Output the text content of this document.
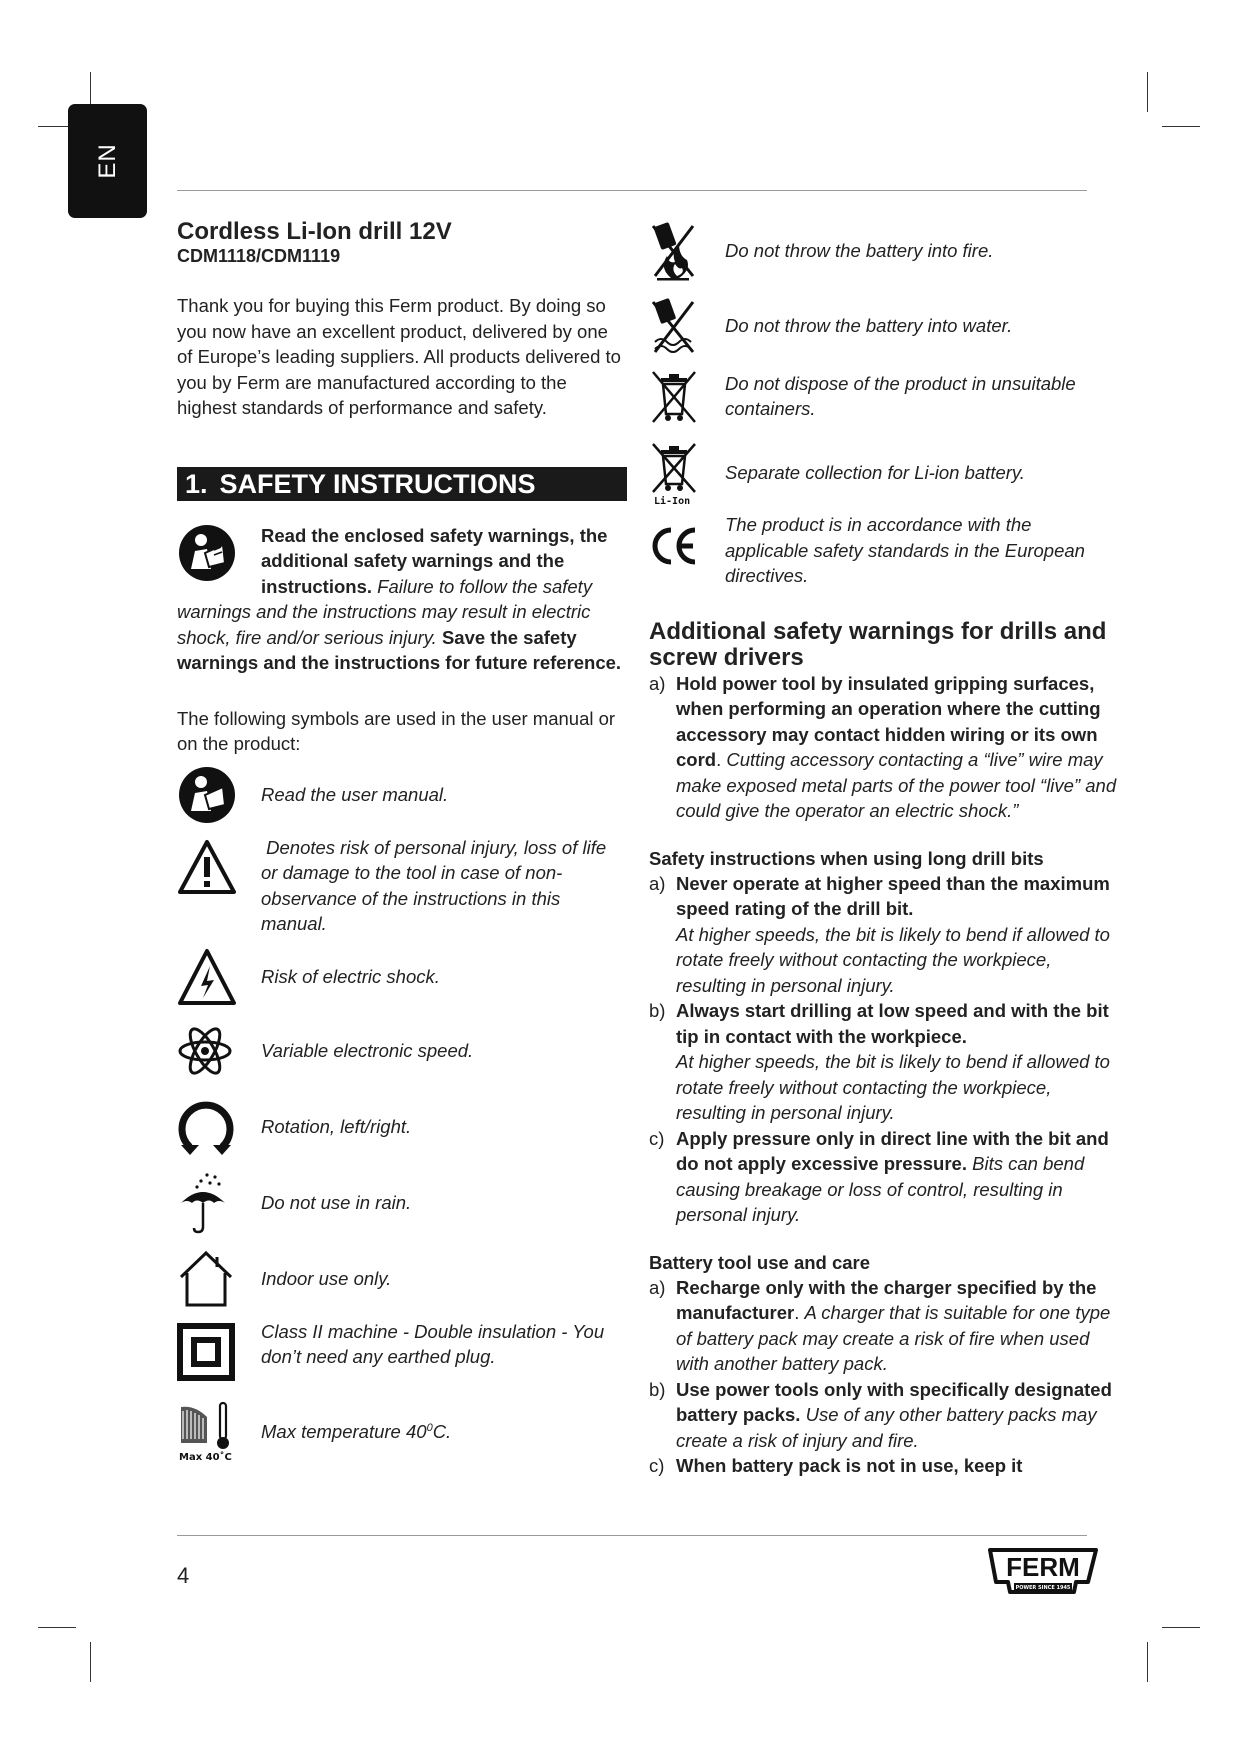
EN
Cordless Li-Ion drill 12V
CDM1118/CDM1119

Thank you for buying this Ferm product. By doing so you now have an excellent product, delivered by one of Europe’s leading suppliers. All products delivered to you by Ferm are manufactured according to the highest standards of performance and safety.

1. SAFETY INSTRUCTIONS
Read the enclosed safety warnings, the additional safety warnings and the instructions. Failure to follow the safety warnings and the instructions may result in electric shock, fire and/or serious injury. Save the safety warnings and the instructions for future reference.

The following symbols are used in the user manual or on the product:

Read the user manual.
Denotes risk of personal injury, loss of life or damage to the tool in case of non-observance of the instructions in this manual.
Risk of electric shock.
Variable electronic speed.
Rotation, left/right.
Do not use in rain.
Indoor use only.
Class II machine - Double insulation - You don’t need any earthed plug.
Max 40˚C
Max temperature $40^0C$.
Do not throw the battery into fire.
Do not throw the battery into water.
Do not dispose of the product in unsuitable containers.
Li-Ion
Separate collection for Li-ion battery.
The product is in accordance with the applicable safety standards in the European directives.
Additional safety warnings for drills and screw drivers
a) Hold power tool by insulated gripping surfaces, when performing an operation where the cutting accessory may contact hidden wiring or its own cord. Cutting accessory contacting a “live” wire may make exposed metal parts of the power tool “live” and could give the operator an electric shock.”
Safety instructions when using long drill bits
a) Never operate at higher speed than the maximum speed rating of the drill bit.
At higher speeds, the bit is likely to bend if allowed to rotate freely without contacting the workpiece, resulting in personal injury.
b) Always start drilling at low speed and with the bit tip in contact with the workpiece.
At higher speeds, the bit is likely to bend if allowed to rotate freely without contacting the workpiece, resulting in personal injury.
c) Apply pressure only in direct line with the bit and do not apply excessive pressure. Bits can bend causing breakage or loss of control, resulting in personal injury.
Battery tool use and care
a) Recharge only with the charger specified by the manufacturer. A charger that is suitable for one type of battery pack may create a risk of fire when used with another battery pack.
b) Use power tools only with specifically designated battery packs. Use of any other battery packs may create a risk of injury and fire.
c) When battery pack is not in use, keep it
4	FERM
POWER SINCE 1945
